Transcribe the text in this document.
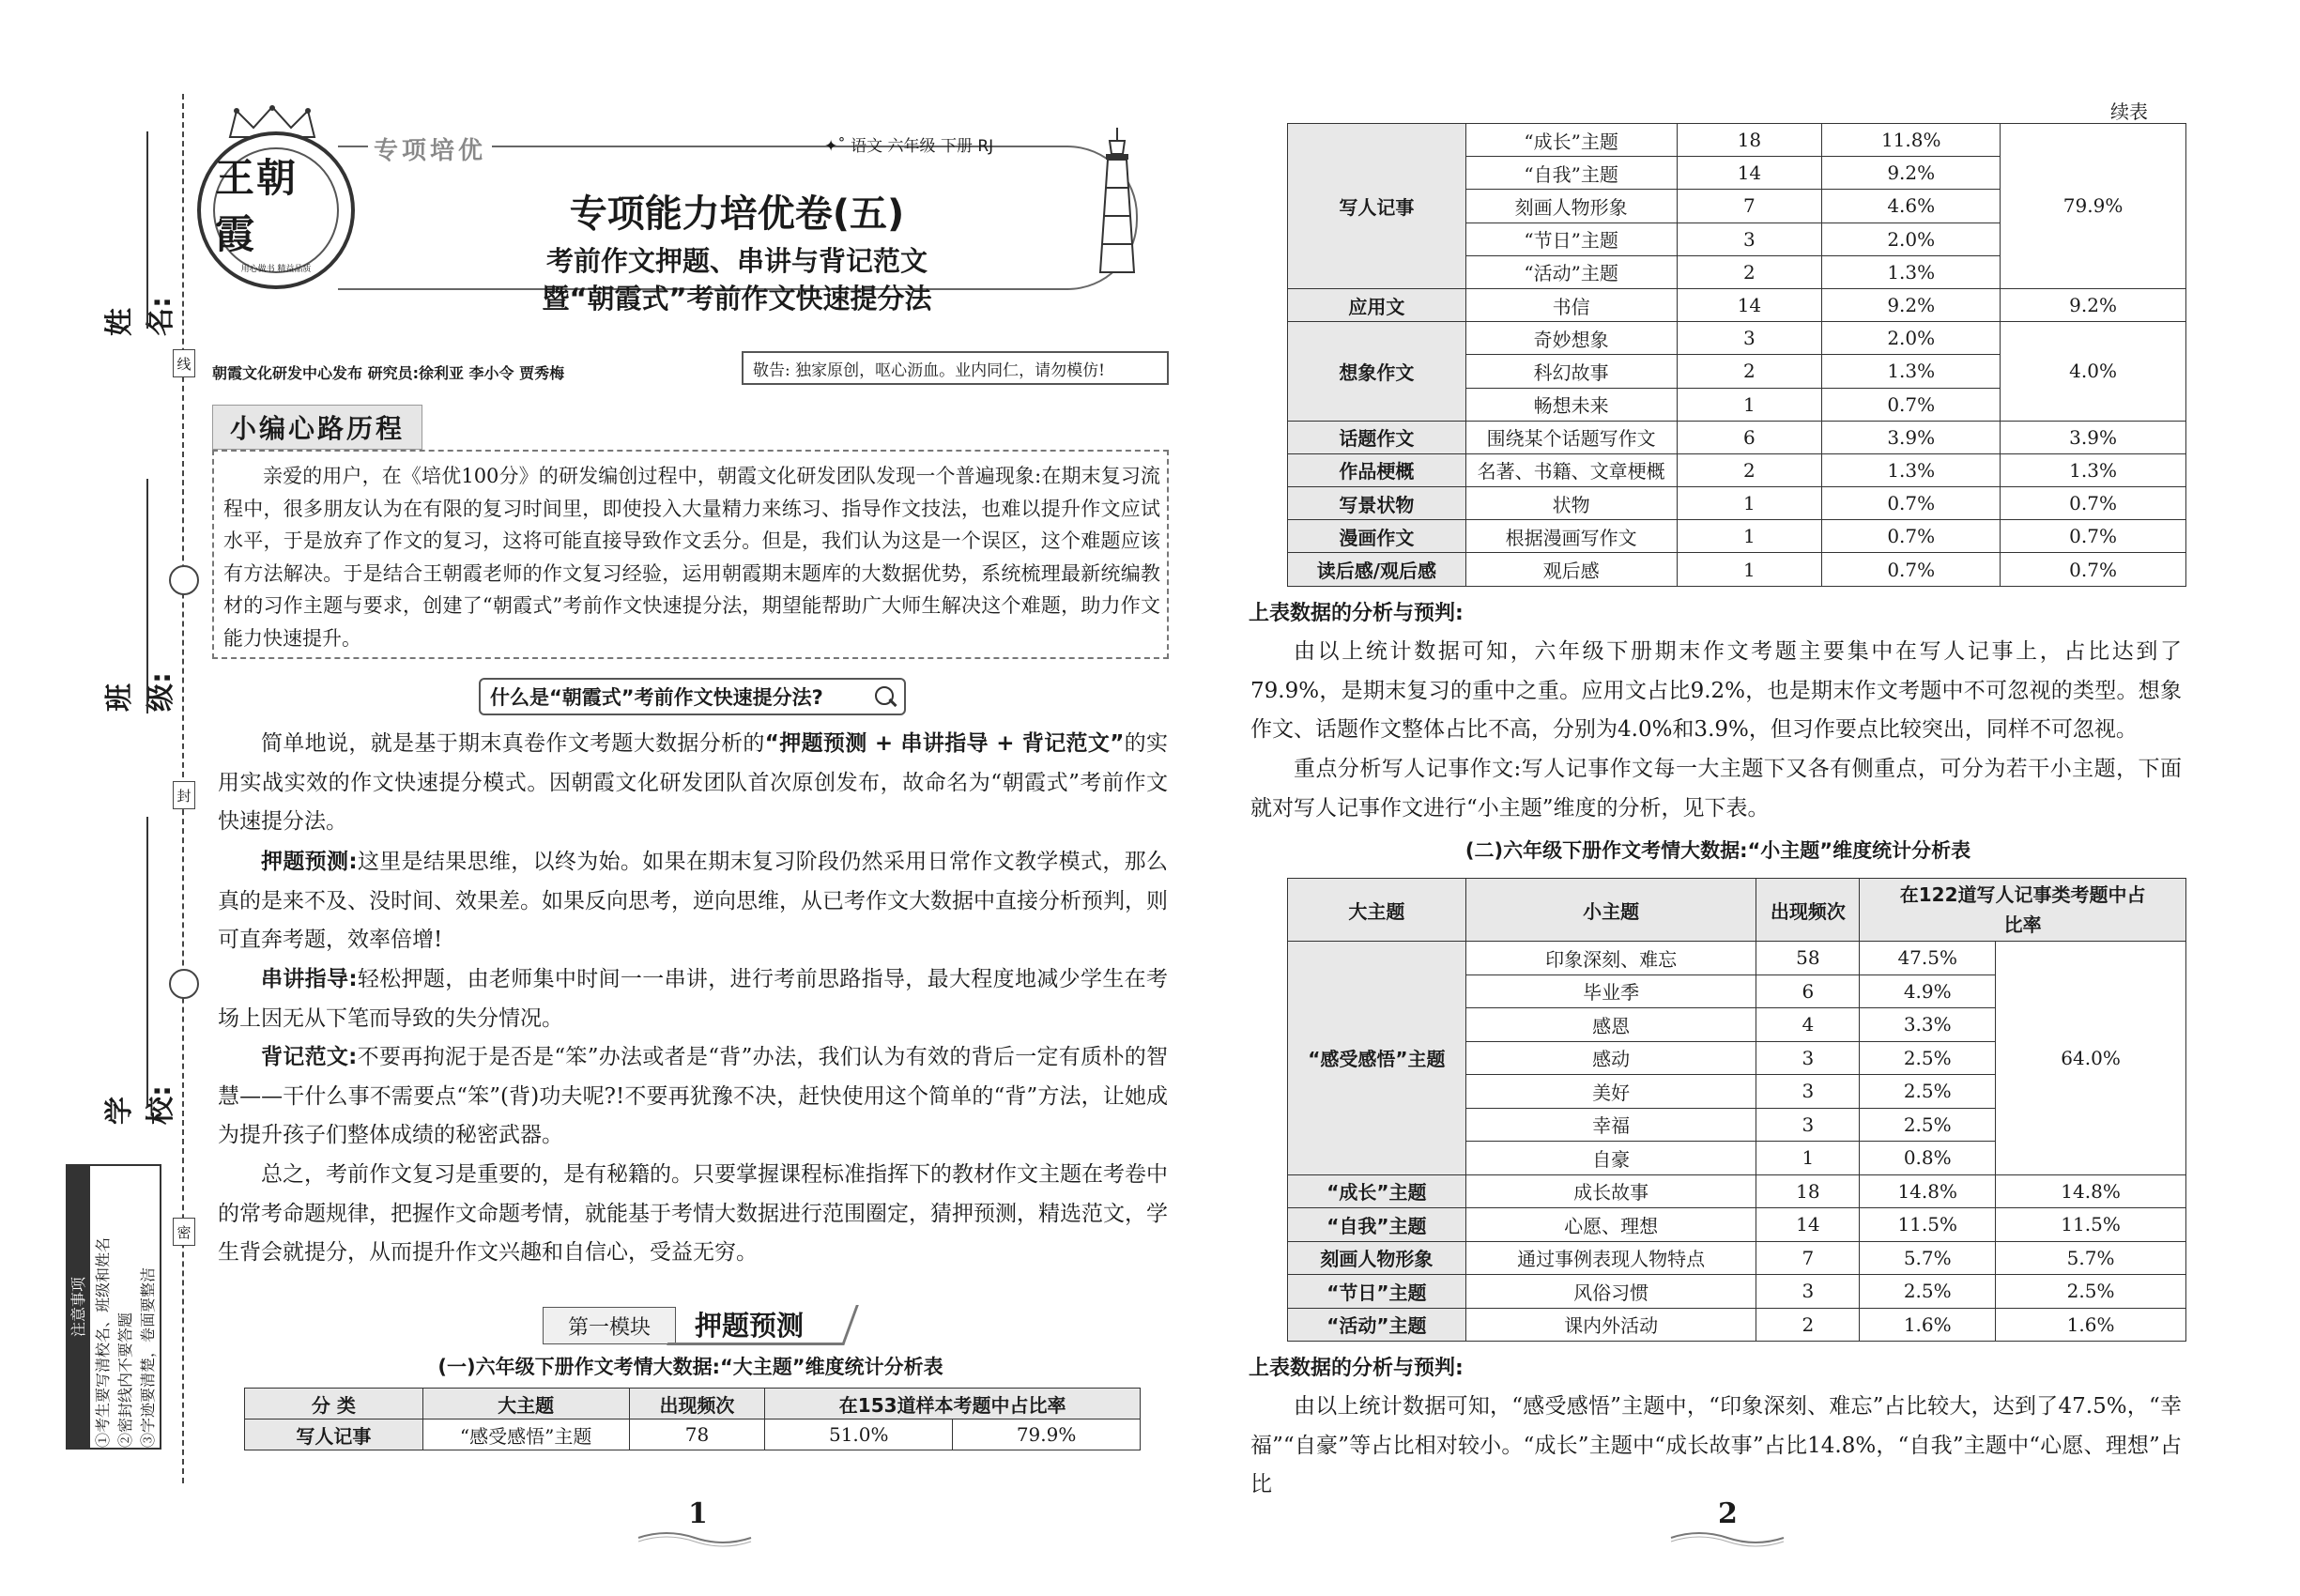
线
封
密
姓 名:
班 级:
学 校:
注意事项 ①考生要写清校名、班级和姓名 ②密封线内不要答题 ③字迹要清楚，卷面要整洁
王朝霞
用心做书 精益品质
专项培优	✦˚ 语文 六年级 下册 RJ
专项能力培优卷(五)
考前作文押题、串讲与背记范文
暨“朝霞式”考前作文快速提分法
朝霞文化研发中心发布 研究员:徐利亚 李小令 贾秀梅	敬告: 独家原创，呕心沥血。业内同仁，请勿模仿!
小编心路历程
亲爱的用户，在《培优100分》的研发编创过程中，朝霞文化研发团队发现一个普遍现象:在期末复习流程中，很多朋友认为在有限的复习时间里，即使投入大量精力来练习、指导作文技法，也难以提升作文应试水平，于是放弃了作文的复习，这将可能直接导致作文丢分。但是，我们认为这是一个误区，这个难题应该有方法解决。于是结合王朝霞老师的作文复习经验，运用朝霞期末题库的大数据优势，系统梳理最新统编教材的习作主题与要求，创建了“朝霞式”考前作文快速提分法，期望能帮助广大师生解决这个难题，助力作文能力快速提升。
什么是“朝霞式”考前作文快速提分法?
简单地说，就是基于期末真卷作文考题大数据分析的“押题预测 + 串讲指导 + 背记范文”的实用实战实效的作文快速提分模式。因朝霞文化研发团队首次原创发布，故命名为“朝霞式”考前作文快速提分法。
押题预测:这里是结果思维，以终为始。如果在期末复习阶段仍然采用日常作文教学模式，那么真的是来不及、没时间、效果差。如果反向思考，逆向思维，从已考作文大数据中直接分析预判，则可直奔考题，效率倍增!
串讲指导:轻松押题，由老师集中时间一一串讲，进行考前思路指导，最大程度地减少学生在考场上因无从下笔而导致的失分情况。
背记范文:不要再拘泥于是否是“笨”办法或者是“背”办法，我们认为有效的背后一定有质朴的智慧——干什么事不需要点“笨”(背)功夫呢?!不要再犹豫不决，赶快使用这个简单的“背”方法，让她成为提升孩子们整体成绩的秘密武器。
总之，考前作文复习是重要的，是有秘籍的。只要掌握课程标准指挥下的教材作文主题在考卷中的常考命题规律，把握作文命题考情，就能基于考情大数据进行范围圈定，猜押预测，精选范文，学生背会就提分，从而提升作文兴趣和自信心，受益无穷。
第一模块	押题预测
(一)六年级下册作文考情大数据:“大主题”维度统计分析表
分 类	大主题	出现频次	在153道样本考题中占比率	
写人记事	“感受感悟”主题	78	51.0%	79.9%
1
续表
写人记事	“成长”主题	18	11.8%	79.9%
	“自我”主题	14	9.2%	
	刻画人物形象	7	4.6%	
	“节日”主题	3	2.0%	
	“活动”主题	2	1.3%	
应用文	书信	14	9.2%	9.2%
想象作文	奇妙想象	3	2.0%	4.0%
	科幻故事	2	1.3%	
	畅想未来	1	0.7%	
话题作文	围绕某个话题写作文	6	3.9%	3.9%
作品梗概	名著、书籍、文章梗概	2	1.3%	1.3%
写景状物	状物	1	0.7%	0.7%
漫画作文	根据漫画写作文	1	0.7%	0.7%
读后感/观后感	观后感	1	0.7%	0.7%
上表数据的分析与预判:
由以上统计数据可知，六年级下册期末作文考题主要集中在写人记事上，占比达到了79.9%，是期末复习的重中之重。应用文占比9.2%，也是期末作文考题中不可忽视的类型。想象作文、话题作文整体占比不高，分别为4.0%和3.9%，但习作要点比较突出，同样不可忽视。
重点分析写人记事作文:写人记事作文每一大主题下又各有侧重点，可分为若干小主题，下面就对写人记事作文进行“小主题”维度的分析，见下表。
(二)六年级下册作文考情大数据:“小主题”维度统计分析表
大主题	小主题	出现频次	在122道写人记事类考题中占比率	
“感受感悟”主题	印象深刻、难忘	58	47.5%	64.0%
	毕业季	6	4.9%	
	感恩	4	3.3%	
	感动	3	2.5%	
	美好	3	2.5%	
	幸福	3	2.5%	
	自豪	1	0.8%	
“成长”主题	成长故事	18	14.8%	14.8%
“自我”主题	心愿、理想	14	11.5%	11.5%
刻画人物形象	通过事例表现人物特点	7	5.7%	5.7%
“节日”主题	风俗习惯	3	2.5%	2.5%
“活动”主题	课内外活动	2	1.6%	1.6%
上表数据的分析与预判:
由以上统计数据可知，“感受感悟”主题中，“印象深刻、难忘”占比较大，达到了47.5%，“幸福”“自豪”等占比相对较小。“成长”主题中“成长故事”占比14.8%，“自我”主题中“心愿、理想”占比
2
